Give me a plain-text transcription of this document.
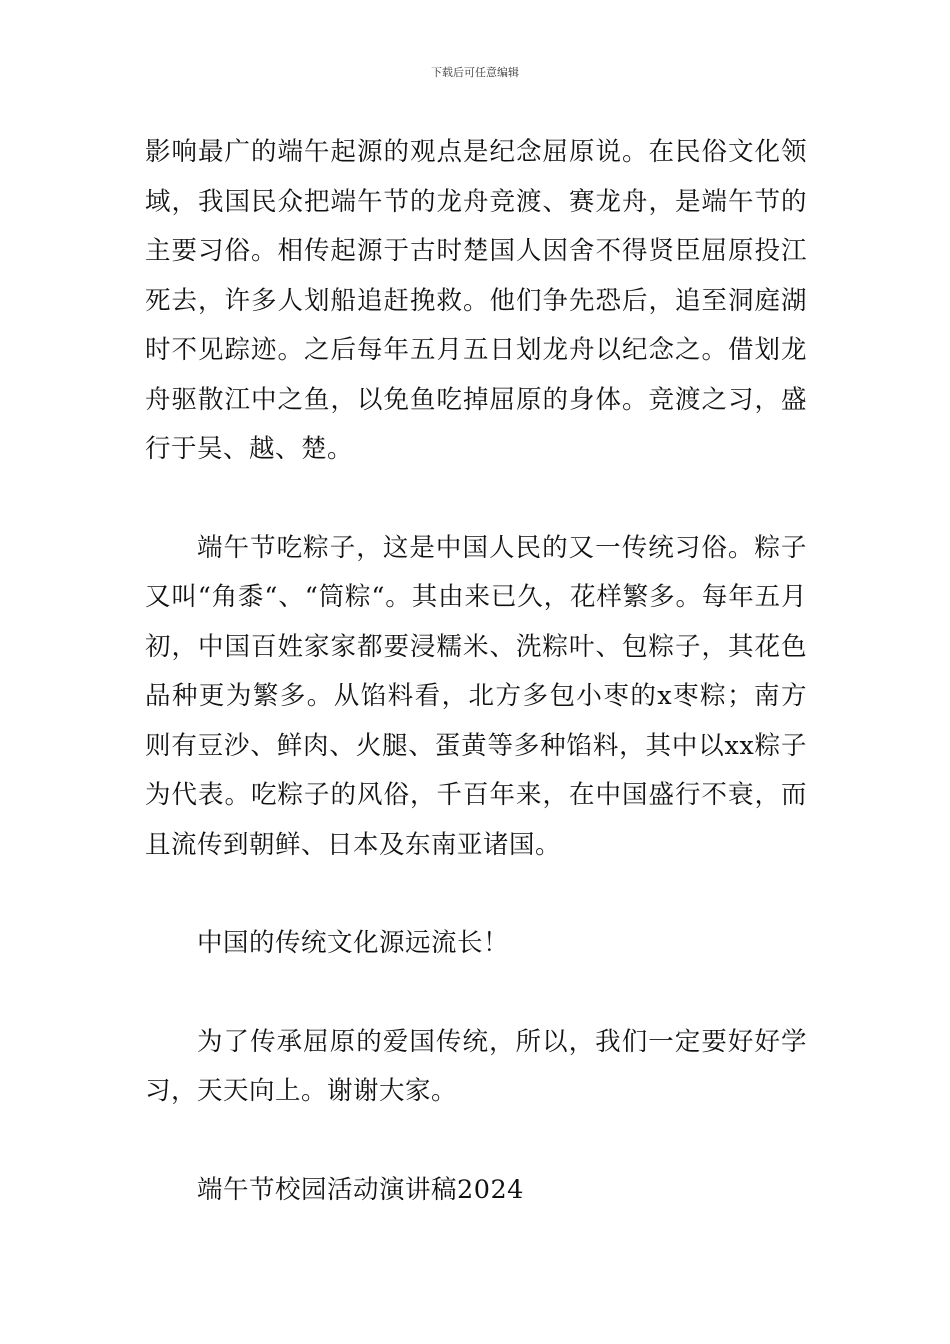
下载后可任意编辑

影响最广的端午起源的观点是纪念屈原说。在民俗文化领域，我国民众把端午节的龙舟竞渡、赛龙舟，是端午节的主要习俗。相传起源于古时楚国人因舍不得贤臣屈原投江死去，许多人划船追赶挽救。他们争先恐后，追至洞庭湖时不见踪迹。之后每年五月五日划龙舟以纪念之。借划龙舟驱散江中之鱼，以免鱼吃掉屈原的身体。竞渡之习，盛行于吴、越、楚。

端午节吃粽子，这是中国人民的又一传统习俗。粽子又叫“角黍“、“筒粽“。其由来已久，花样繁多。每年五月初，中国百姓家家都要浸糯米、洗粽叶、包粽子，其花色品种更为繁多。从馅料看，北方多包小枣的x枣粽；南方则有豆沙、鲜肉、火腿、蛋黄等多种馅料，其中以xx粽子为代表。吃粽子的风俗，千百年来，在中国盛行不衰，而且流传到朝鲜、日本及东南亚诸国。

中国的传统文化源远流长！

为了传承屈原的爱国传统，所以，我们一定要好好学习，天天向上。谢谢大家。

端午节校园活动演讲稿2024
